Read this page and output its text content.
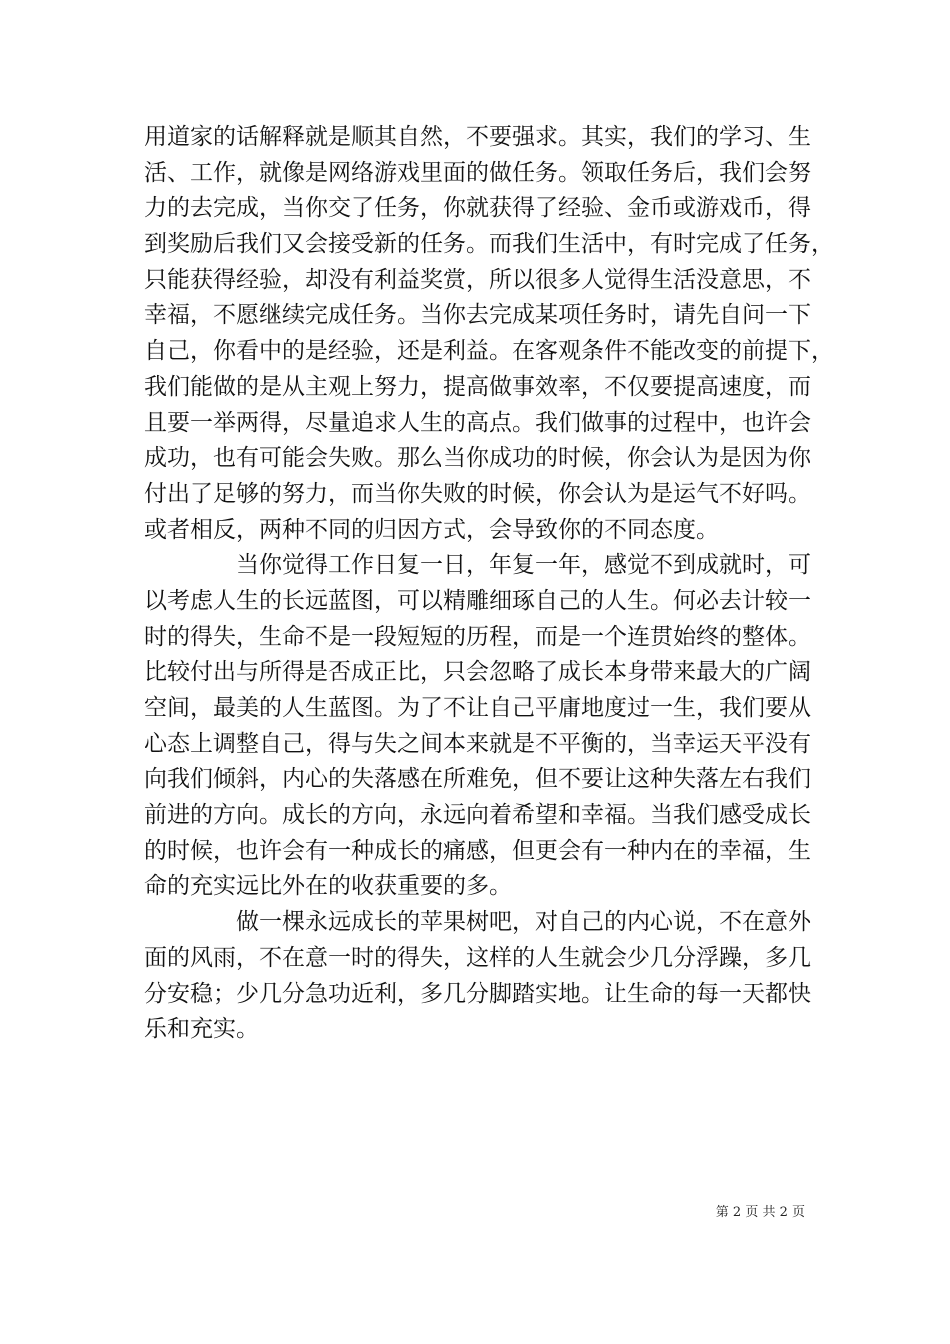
用道家的话解释就是顺其自然，不要强求。其实，我们的学习、生
活、工作，就像是网络游戏里面的做任务。领取任务后，我们会努
力的去完成，当你交了任务，你就获得了经验、金币或游戏币，得
到奖励后我们又会接受新的任务。而我们生活中，有时完成了任务，
只能获得经验，却没有利益奖赏，所以很多人觉得生活没意思，不
幸福，不愿继续完成任务。当你去完成某项任务时，请先自问一下
自己，你看中的是经验，还是利益。在客观条件不能改变的前提下，
我们能做的是从主观上努力，提高做事效率，不仅要提高速度，而
且要一举两得，尽量追求人生的高点。我们做事的过程中，也许会
成功，也有可能会失败。那么当你成功的时候，你会认为是因为你
付出了足够的努力，而当你失败的时候，你会认为是运气不好吗。
或者相反，两种不同的归因方式，会导致你的不同态度。
当你觉得工作日复一日，年复一年，感觉不到成就时，可
以考虑人生的长远蓝图，可以精雕细琢自己的人生。何必去计较一
时的得失，生命不是一段短短的历程，而是一个连贯始终的整体。
比较付出与所得是否成正比，只会忽略了成长本身带来最大的广阔
空间，最美的人生蓝图。为了不让自己平庸地度过一生，我们要从
心态上调整自己，得与失之间本来就是不平衡的，当幸运天平没有
向我们倾斜，内心的失落感在所难免，但不要让这种失落左右我们
前进的方向。成长的方向，永远向着希望和幸福。当我们感受成长
的时候，也许会有一种成长的痛感，但更会有一种内在的幸福，生
命的充实远比外在的收获重要的多。
做一棵永远成长的苹果树吧，对自己的内心说，不在意外
面的风雨，不在意一时的得失，这样的人生就会少几分浮躁，多几
分安稳；少几分急功近利，多几分脚踏实地。让生命的每一天都快
乐和充实。
第 2 页 共 2 页
